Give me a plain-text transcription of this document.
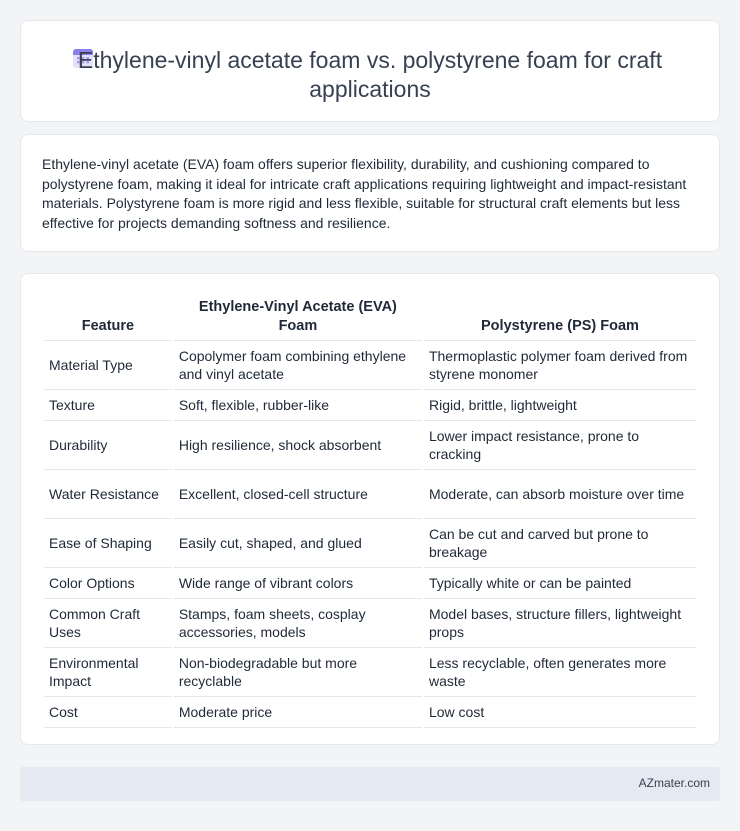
Ethylene-vinyl acetate foam vs. polystyrene foam for craft applications

Ethylene-vinyl acetate (EVA) foam offers superior flexibility, durability, and cushioning compared to polystyrene foam, making it ideal for intricate craft applications requiring lightweight and impact-resistant materials. Polystyrene foam is more rigid and less flexible, suitable for structural craft elements but less effective for projects demanding softness and resilience.

Feature	Ethylene-Vinyl Acetate (EVA) Foam	Polystyrene (PS) Foam
Material Type	Copolymer foam combining ethylene and vinyl acetate	Thermoplastic polymer foam derived from styrene monomer
Texture	Soft, flexible, rubber-like	Rigid, brittle, lightweight
Durability	High resilience, shock absorbent	Lower impact resistance, prone to cracking
Water Resistance	Excellent, closed-cell structure	Moderate, can absorb moisture over time
Ease of Shaping	Easily cut, shaped, and glued	Can be cut and carved but prone to breakage
Color Options	Wide range of vibrant colors	Typically white or can be painted
Common Craft Uses	Stamps, foam sheets, cosplay accessories, models	Model bases, structure fillers, lightweight props
Environmental Impact	Non-biodegradable but more recyclable	Less recyclable, often generates more waste
Cost	Moderate price	Low cost
AZmater.com
